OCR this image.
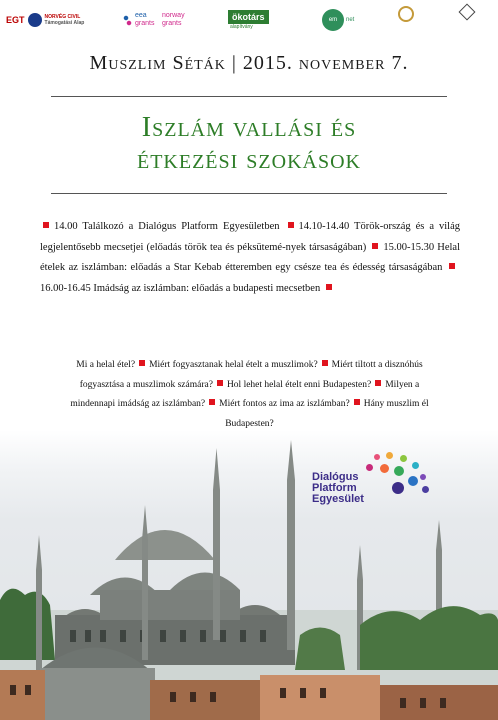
EGT	NORVÉG CIVIL
Támogatási Alap
eea
grants
norway
grants
ökotárs
alapítvány
em	net
Muszlim Séták | 2015. november 7.
Iszlám vallási és
étkezési szokások
14.00 Találkozó a Dialógus Platform Egyesületben 14.10-14.40 Török-ország és a világ legjelentősebb mecsetjei (előadás török tea és péksütemé-nyek társaságában) 15.00-15.30 Helal ételek az iszlámban: előadás a Star Kebab étteremben egy csésze tea és édesség társaságában 16.00-16.45 Imádság az iszlámban: előadás a budapesti mecsetben
Mi a helal étel? Miért fogyasztanak helal ételt a muszlimok? Miért tiltott a disznóhús fogyasztása a muszlimok számára? Hol lehet helal ételt enni Budapesten? Milyen a mindennapi imádság az iszlámban? Miért fontos az ima az iszlámban? Hány muszlim él Budapesten?
Dialógus
Platform
Egyesület
